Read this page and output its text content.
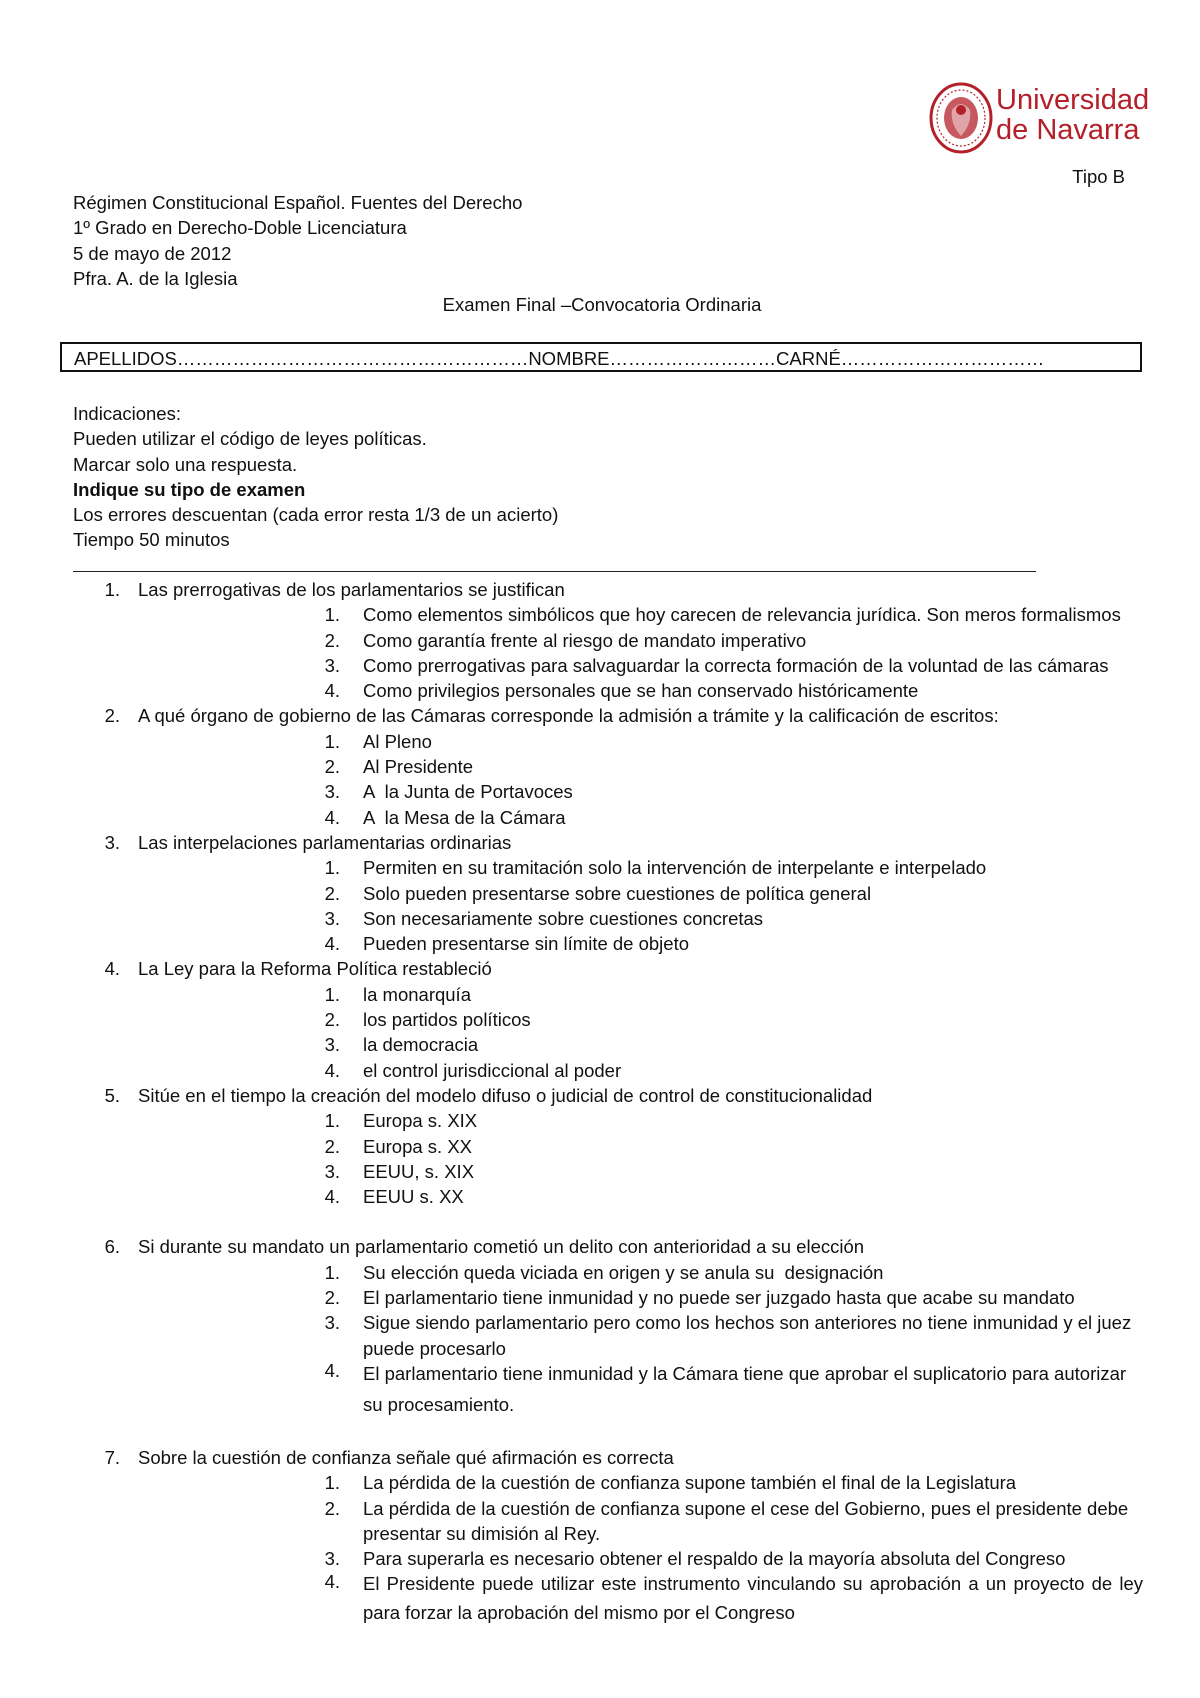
Universidad
de Navarra
Tipo B
Régimen Constitucional Español. Fuentes del Derecho
1º Grado en Derecho-Doble Licenciatura
5 de mayo de 2012
Pfra. A. de la Iglesia
Examen Final –Convocatoria Ordinaria
APELLIDOS…………………………………………………NOMBRE………………………CARNÉ……………………………
Indicaciones:
Pueden utilizar el código de leyes políticas.
Marcar solo una respuesta.
Indique su tipo de examen
Los errores descuentan (cada error resta 1/3 de un acierto)
Tiempo 50 minutos
1. Las prerrogativas de los parlamentarios se justifican
1. Como elementos simbólicos que hoy carecen de relevancia jurídica. Son meros formalismos
2. Como garantía frente al riesgo de mandato imperativo
3. Como prerrogativas para salvaguardar la correcta formación de la voluntad de las cámaras
4. Como privilegios personales que se han conservado históricamente
2. A qué órgano de gobierno de las Cámaras corresponde la admisión a trámite y la calificación de escritos:
1. Al Pleno
2. Al Presidente
3. A  la Junta de Portavoces
4. A  la Mesa de la Cámara
3. Las interpelaciones parlamentarias ordinarias
1. Permiten en su tramitación solo la intervención de interpelante e interpelado
2. Solo pueden presentarse sobre cuestiones de política general
3. Son necesariamente sobre cuestiones concretas
4. Pueden presentarse sin límite de objeto
4. La Ley para la Reforma Política restableció
1. la monarquía
2. los partidos políticos
3. la democracia
4. el control jurisdiccional al poder
5. Sitúe en el tiempo la creación del modelo difuso o judicial de control de constitucionalidad
1. Europa s. XIX
2. Europa s. XX
3. EEUU, s. XIX
4. EEUU s. XX
6. Si durante su mandato un parlamentario cometió un delito con anterioridad a su elección
1. Su elección queda viciada en origen y se anula su  designación
2. El parlamentario tiene inmunidad y no puede ser juzgado hasta que acabe su mandato
3. Sigue siendo parlamentario pero como los hechos son anteriores no tiene inmunidad y el juez puede procesarlo
4. El parlamentario tiene inmunidad y la Cámara tiene que aprobar el suplicatorio para autorizar su procesamiento.
7. Sobre la cuestión de confianza señale qué afirmación es correcta
1. La pérdida de la cuestión de confianza supone también el final de la Legislatura
2. La pérdida de la cuestión de confianza supone el cese del Gobierno, pues el presidente debe presentar su dimisión al Rey.
3. Para superarla es necesario obtener el respaldo de la mayoría absoluta del Congreso
4. El Presidente puede utilizar este instrumento vinculando su aprobación a un proyecto de ley para forzar la aprobación del mismo por el Congreso
